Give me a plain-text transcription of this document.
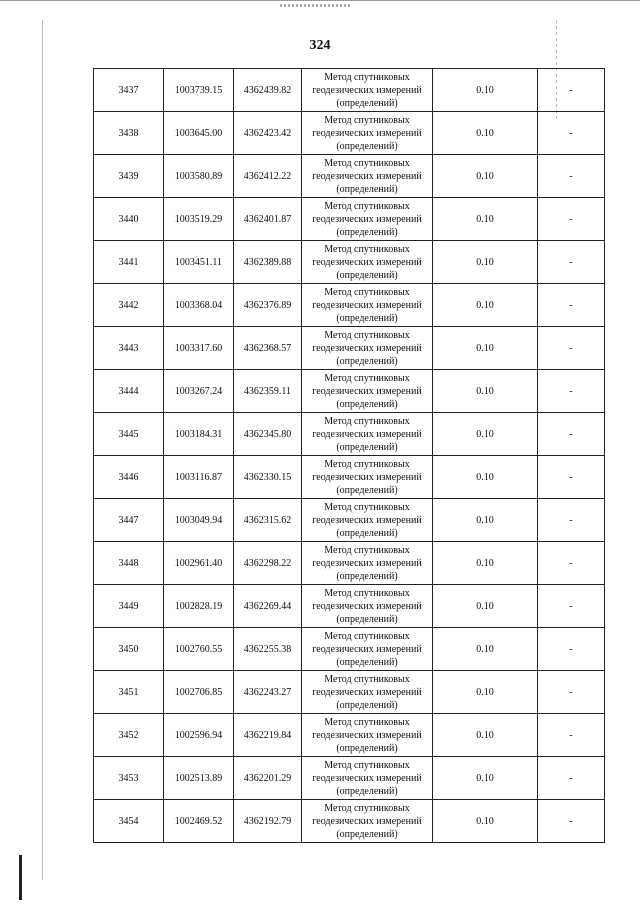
324
3437	1003739.15	4362439.82	Метод спутниковых геодезических измерений (определений)	0.10	-
3438	1003645.00	4362423.42	Метод спутниковых геодезических измерений (определений)	0.10	-
3439	1003580.89	4362412.22	Метод спутниковых геодезических измерений (определений)	0.10	-
3440	1003519.29	4362401.87	Метод спутниковых геодезических измерений (определений)	0.10	-
3441	1003451.11	4362389.88	Метод спутниковых геодезических измерений (определений)	0.10	-
3442	1003368.04	4362376.89	Метод спутниковых геодезических измерений (определений)	0.10	-
3443	1003317.60	4362368.57	Метод спутниковых геодезических измерений (определений)	0.10	-
3444	1003267.24	4362359.11	Метод спутниковых геодезических измерений (определений)	0.10	-
3445	1003184.31	4362345.80	Метод спутниковых геодезических измерений (определений)	0.10	-
3446	1003116.87	4362330.15	Метод спутниковых геодезических измерений (определений)	0.10	-
3447	1003049.94	4362315.62	Метод спутниковых геодезических измерений (определений)	0.10	-
3448	1002961.40	4362298.22	Метод спутниковых геодезических измерений (определений)	0.10	-
3449	1002828.19	4362269.44	Метод спутниковых геодезических измерений (определений)	0.10	-
3450	1002760.55	4362255.38	Метод спутниковых геодезических измерений (определений)	0.10	-
3451	1002706.85	4362243.27	Метод спутниковых геодезических измерений (определений)	0.10	-
3452	1002596.94	4362219.84	Метод спутниковых геодезических измерений (определений)	0.10	-
3453	1002513.89	4362201.29	Метод спутниковых геодезических измерений (определений)	0.10	-
3454	1002469.52	4362192.79	Метод спутниковых геодезических измерений (определений)	0.10	-
